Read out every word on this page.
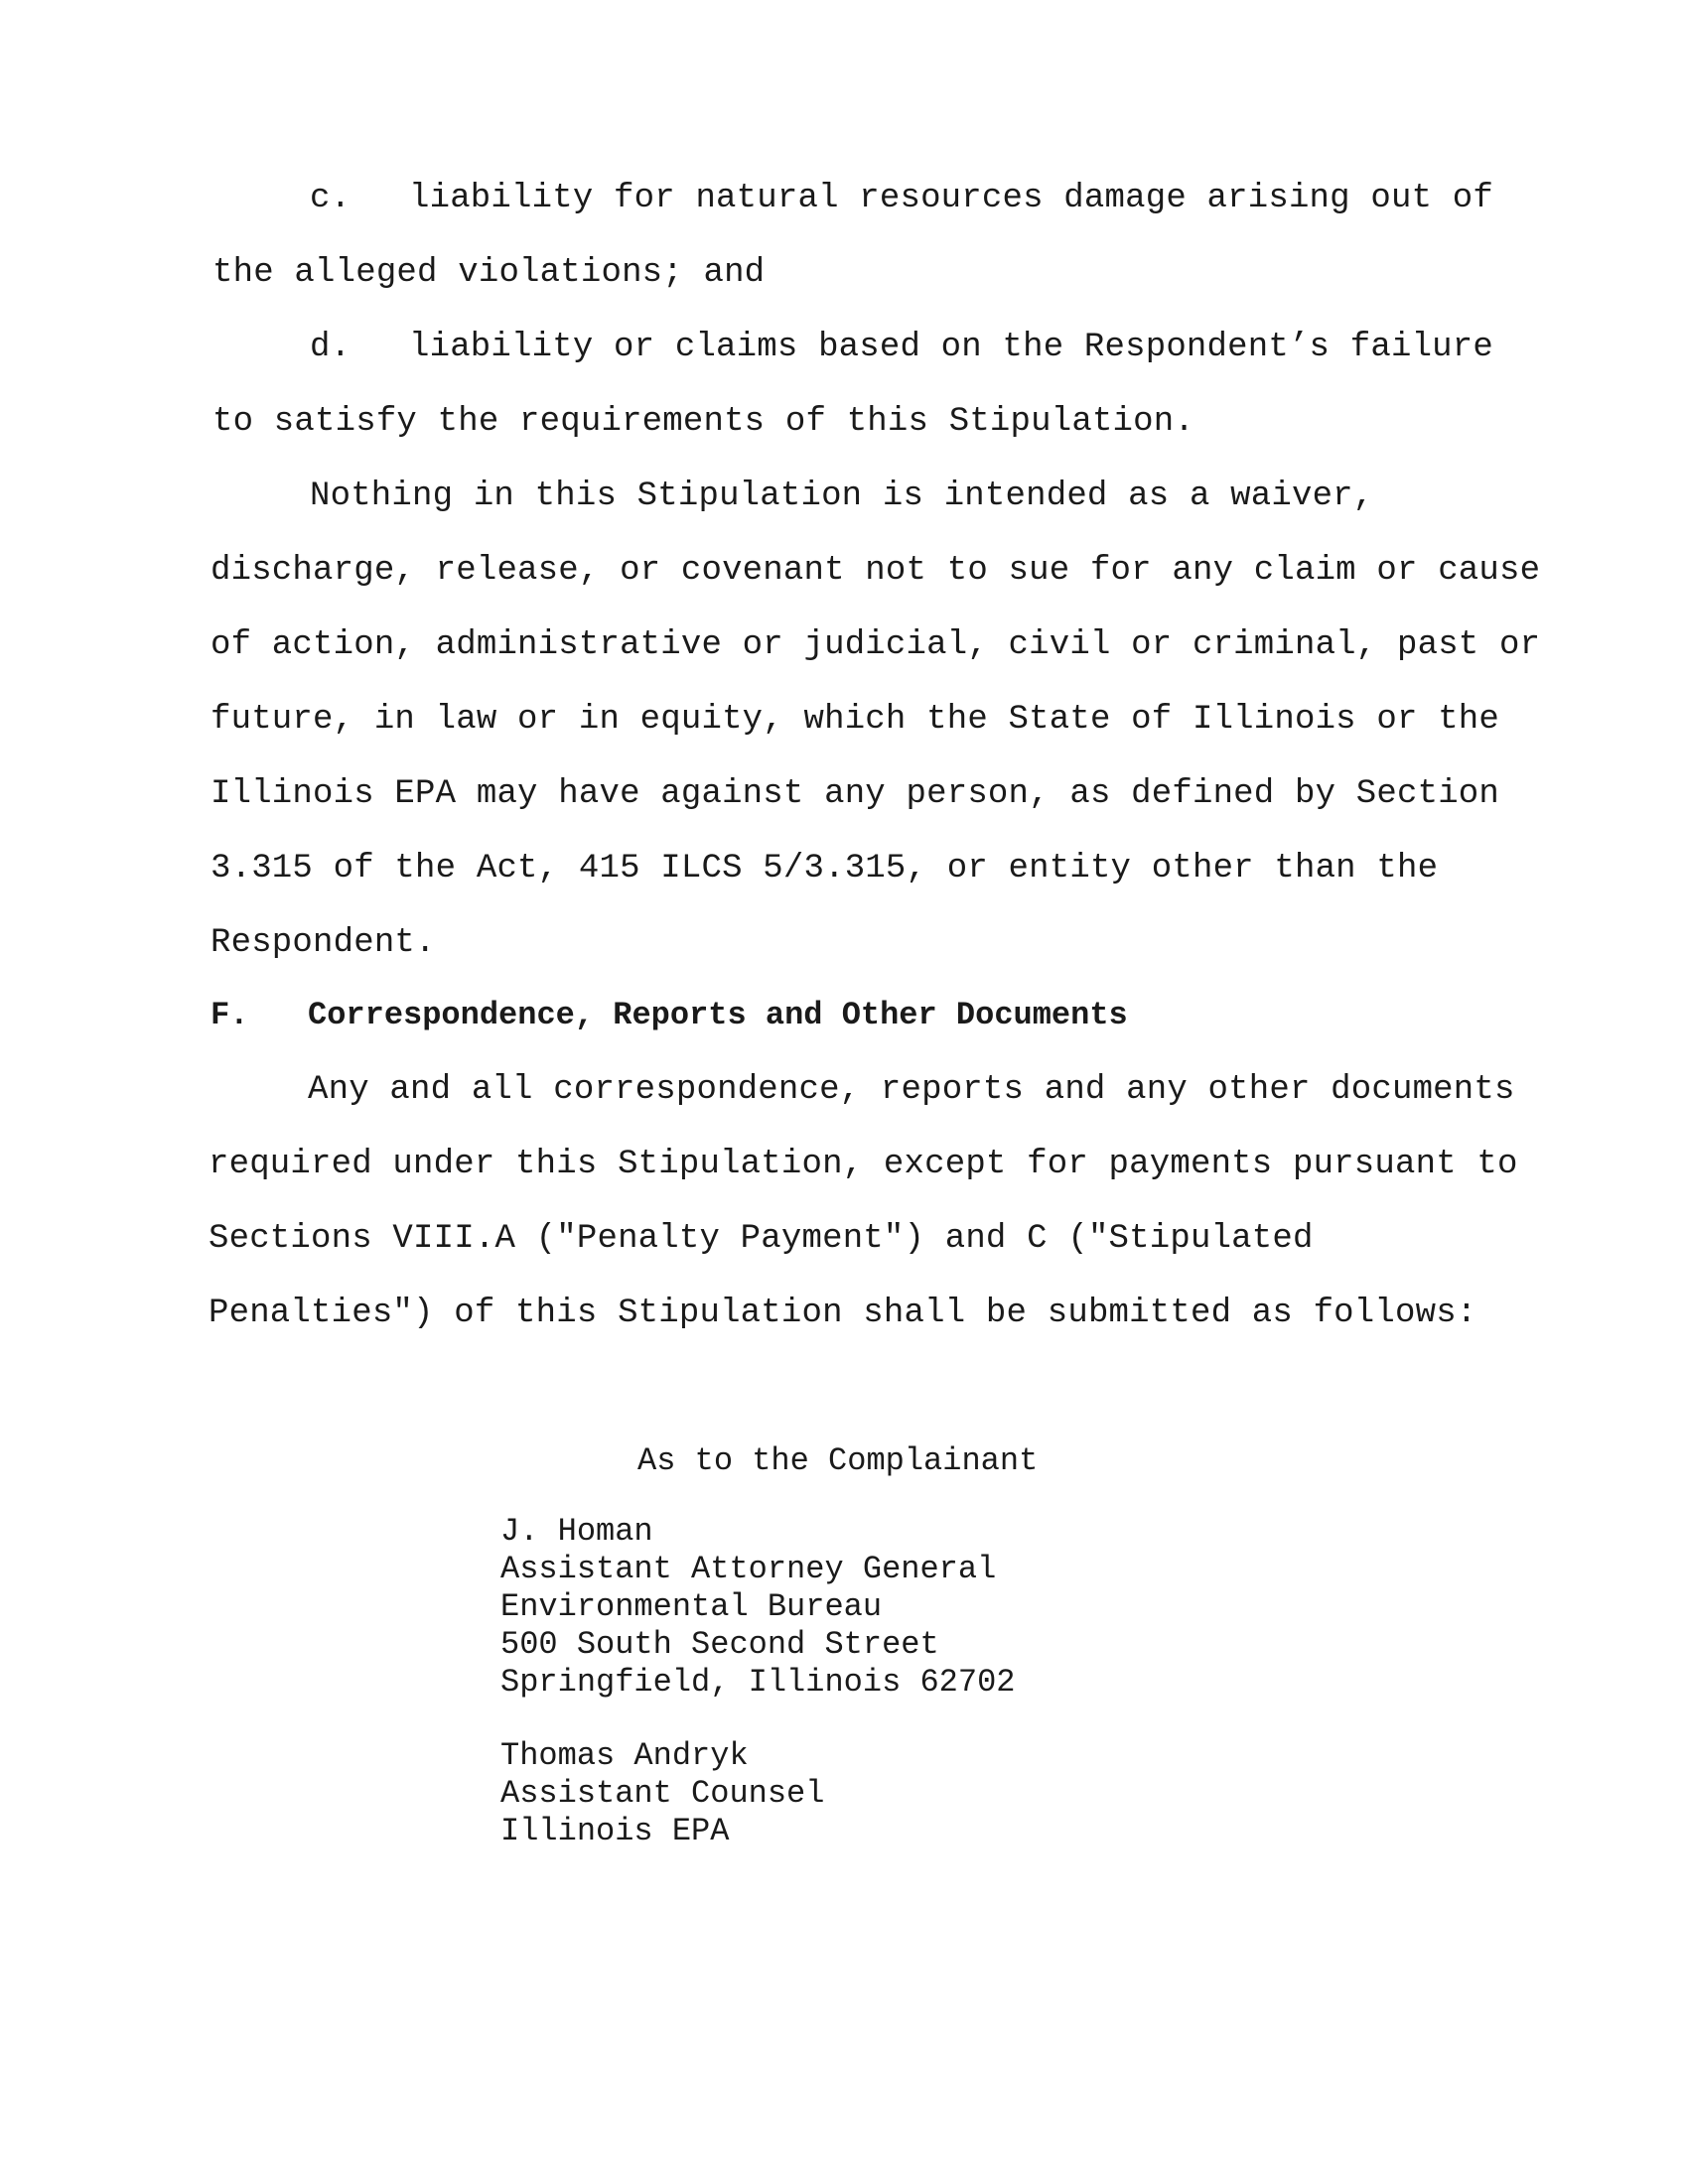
c. liability for natural resources damage arising out of
the alleged violations; and
d. liability or claims based on the Respondent’s failure
to satisfy the requirements of this Stipulation.
Nothing in this Stipulation is intended as a waiver,
discharge, release, or covenant not to sue for any claim or cause
of action, administrative or judicial, civil or criminal, past or
future, in law or in equity, which the State of Illinois or the
Illinois EPA may have against any person, as defined by Section
3.315 of the Act, 415 ILCS 5/3.315, or entity other than the
Respondent.
F. Correspondence, Reports and Other Documents
Any and all correspondence, reports and any other documents
required under this Stipulation, except for payments pursuant to
Sections VIII.A ("Penalty Payment") and C ("Stipulated
Penalties") of this Stipulation shall be submitted as follows:
As to the Complainant
J. Homan
Assistant Attorney General
Environmental Bureau
500 South Second Street
Springfield, Illinois 62702
Thomas Andryk
Assistant Counsel
Illinois EPA
